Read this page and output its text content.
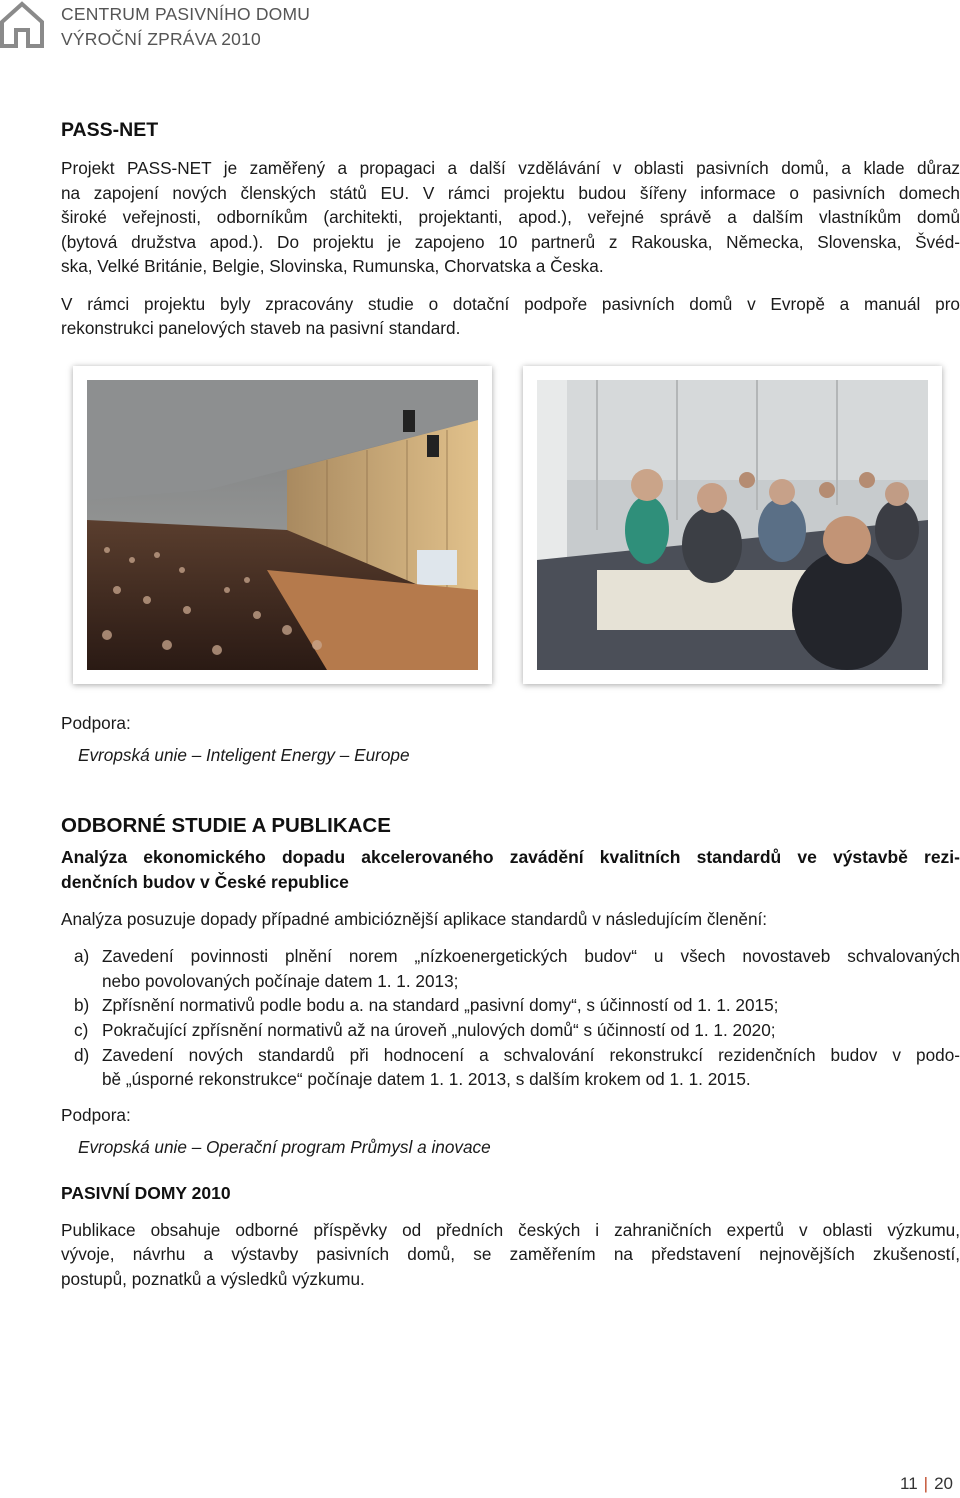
CENTRUM PASIVNÍHO DOMU
VÝROČNÍ ZPRÁVA 2010
PASS-NET
Projekt PASS-NET je zaměřený a propagaci a další vzdělávání v oblasti pasivních domů, a klade důraz
na zapojení nových členských států EU. V rámci projektu budou šířeny informace o pasivních domech
široké veřejnosti, odborníkům (architekti, projektanti, apod.), veřejné správě a dalším vlastníkům domů
(bytová družstva apod.). Do projektu je zapojeno 10 partnerů z Rakouska, Německa, Slovenska, Švéd-
ska, Velké Británie, Belgie, Slovinska, Rumunska, Chorvatska a Česka.
V rámci projektu byly zpracovány studie o dotační podpoře pasivních domů v Evropě a manuál pro
rekonstrukci panelových staveb na pasivní standard.
Podpora:
Evropská unie – Inteligent Energy – Europe
ODBORNÉ STUDIE A PUBLIKACE
Analýza ekonomického dopadu akcelerovaného zavádění kvalitních standardů ve výstavbě rezi-
denčních budov v České republice
Analýza posuzuje dopady případné ambicióznější aplikace standardů v následujícím členění:
a) Zavedení povinnosti plnění norem „nízkoenergetických budov“ u všech novostaveb schvalovaných
nebo povolovaných počínaje datem 1. 1. 2013;
b) Zpřísnění normativů podle bodu a. na standard „pasivní domy“, s účinností od 1. 1. 2015;
c) Pokračující zpřísnění normativů až na úroveň „nulových domů“ s účinností od 1. 1. 2020;
d) Zavedení nových standardů při hodnocení a schvalování rekonstrukcí rezidenčních budov v podo-
bě „úsporné rekonstrukce“ počínaje datem 1. 1. 2013, s dalším krokem od 1. 1. 2015.
Podpora:
Evropská unie – Operační program Průmysl a inovace
PASIVNÍ DOMY 2010
Publikace obsahuje odborné příspěvky od předních českých i zahraničních expertů v oblasti výzkumu,
vývoje, návrhu a výstavby pasivních domů, se zaměřením na představení nejnovějších zkušeností,
postupů, poznatků a výsledků výzkumu.
11 | 20
